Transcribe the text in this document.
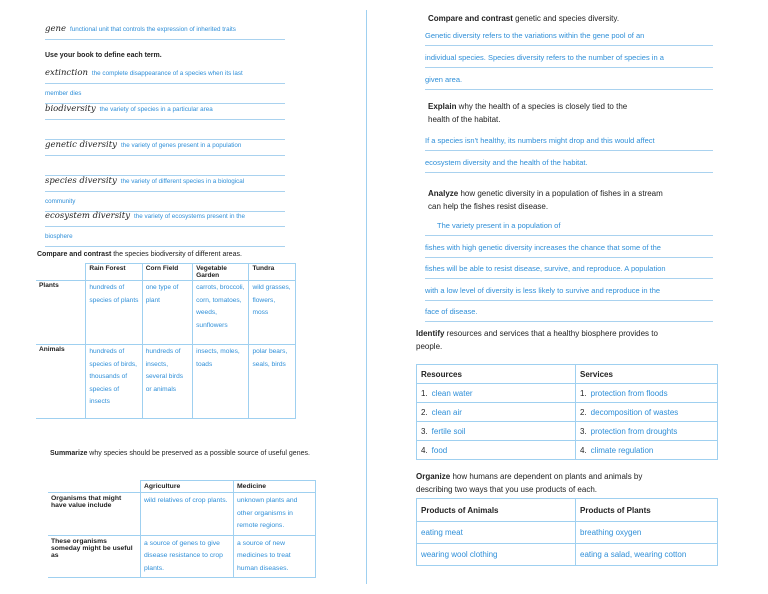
gene functional unit that controls the expression of inherited traits
Use your book to define each term.
extinction the complete disappearance of a species when its last
member dies
biodiversity the variety of species in a particular area
genetic diversity the variety of genes present in a population
species diversity the variety of different species in a biological
community
ecosystem diversity the variety of ecosystems present in the
biosphere
Compare and contrast the species biodiversity of different areas.
	Rain Forest	Corn Field	Vegetable Garden	Tundra
Plants	hundreds of species of plants	one type of plant	carrots, broccoli, corn, tomatoes, weeds, sunflowers	wild grasses, flowers, moss
Animals	hundreds of species of birds, thousands of species of insects	hundreds of insects, several birds or animals	insects, moles, toads	polar bears, seals, birds
Summarize why species should be preserved as a possible source of useful genes.
	Agriculture	Medicine
Organisms that might have value include	wild relatives of crop plants.	unknown plants and other organisms in remote regions.
These organisms someday might be useful as	a source of genes to give disease resistance to crop plants.	a source of new medicines to treat human diseases.
Compare and contrast genetic and species diversity.
Genetic diversity refers to the variations within the gene pool of an
individual species. Species diversity refers to the number of species in a
given area.
Explain why the health of a species is closely tied to the
health of the habitat.
If a species isn't healthy, its numbers might drop and this would affect
ecosystem diversity and the health of the habitat.
Analyze how genetic diversity in a population of fishes in a stream
can help the fishes resist disease.
The variety present in a population of
fishes with high genetic diversity increases the chance that some of the
fishes will be able to resist disease, survive, and reproduce. A population
with a low level of diversity is less likely to survive and reproduce in the
face of disease.
Identify resources and services that a healthy biosphere provides to
people.
Resources	Services
1. clean water	1. protection from floods
2. clean air	2. decomposition of wastes
3. fertile soil	3. protection from droughts
4. food	4. climate regulation
Organize how humans are dependent on plants and animals by
describing two ways that you use products of each.
Products of Animals	Products of Plants
eating meat	breathing oxygen
wearing wool clothing	eating a salad, wearing cotton
